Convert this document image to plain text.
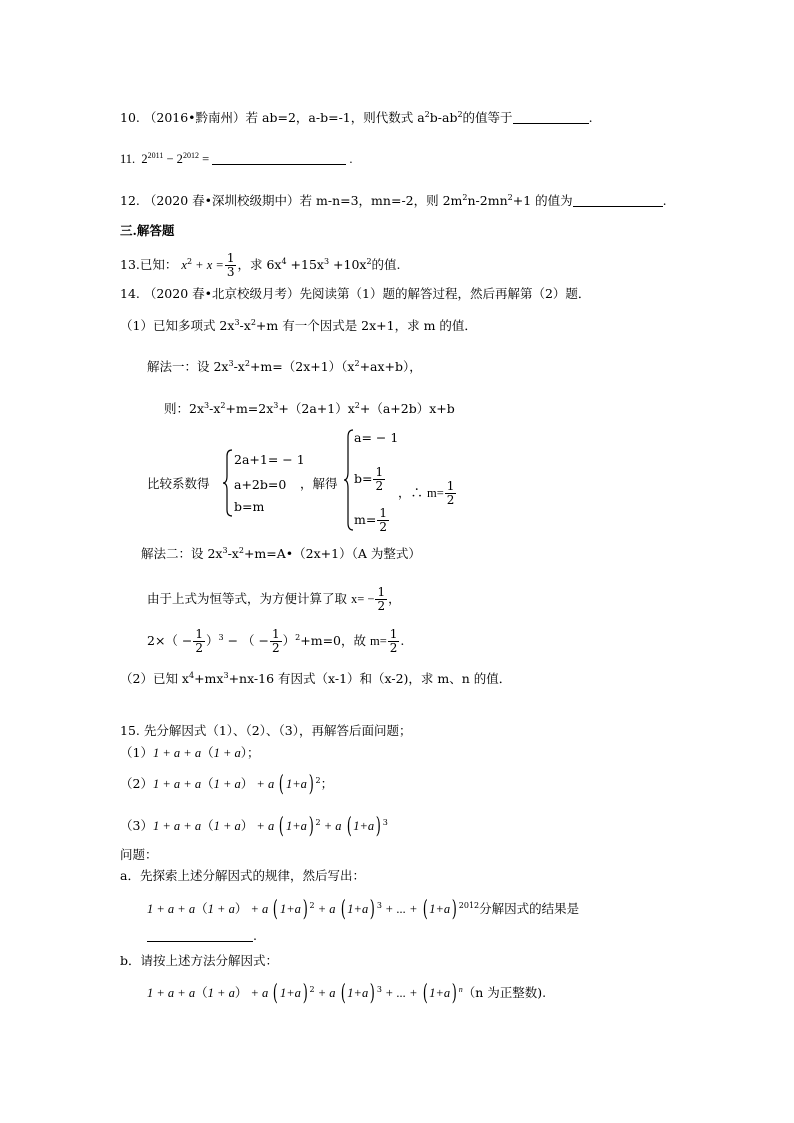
10. （2016•黔南州）若 ab=2，a-b=-1，则代数式 $a^2b-ab^2$的值等于	.
11. $2^{2011} - 2^{2012}$ =	.
12. （2020 春•深圳校级期中）若 m-n=3，mn=-2，则 $2m^2n-2mn^2+1$ 的值为	.
三.解答题
13.已知： $x^2 + x = \frac{1}{3}$ ，求 $6x^4 +15x^3 +10x^2$的值.
14. （2020 春•北京校级月考）先阅读第（1）题的解答过程，然后再解第（2）题．
（1）已知多项式 $2x^3-x^2+m$ 有一个因式是 2x+1，求 m 的值．
解法一：设 $2x^3-x^2+m=(2x+1)(x^2+ax+b)$，
则：$2x^3-x^2+m=2x^3+(2a+1)x^2+(a+2b)x+b$
比较系数得
2a+1= − 1
a+2b=0
b=m
，解得
a= − 1
$b= \frac{1}{2}$
$m= \frac{1}{2}$
，∴ $m= \frac{1}{2}$
解法二：设 $2x^3-x^2+m=A•(2x+1)(A$ 为整式）
由于上式为恒等式，为方便计算了取 $x= - \frac{1}{2}$ ，
$2\times( - \frac{1}{2} )^3$ − （ − $\frac{1}{2} )^2+m=0$，故 $m= \frac{1}{2}$ .
（2）已知 $x^4+mx^3+nx-16$ 有因式（x-1）和（x-2)，求 m、n 的值．
15. 先分解因式（1）、（2）、（3），再解答后面问题；
（1）1 + a + a（1 + a）；
（2）1 + a + a（1 + a） + a ( 1+a) $^2$；
（3）1 + a + a（1 + a） + a ( 1+a) $^2$ + a ( 1+a) $^3$
问题：
a．先探索上述分解因式的规律，然后写出：
1 + a + a（1 + a） + a ( 1+a) $^2$ + a ( 1+a) $^3$ + ... + ( 1+a) $^{2012}$分解因式的结果是
.
b．请按上述方法分解因式：
1 + a + a（1 + a） + a ( 1+a) $^2$ + a ( 1+a) $^3$ + ... + ( 1+a) $^n$（n 为正整数).
